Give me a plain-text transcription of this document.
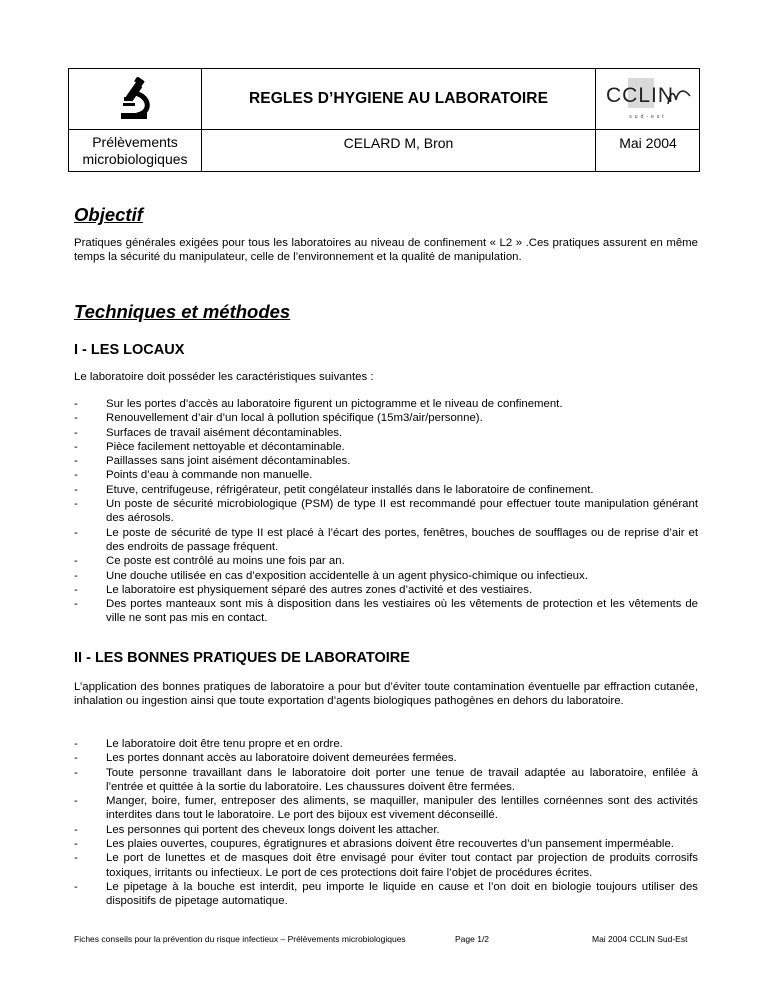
REGLES D’HYGIENE AU LABORATOIRE	CCLIN
sud-est
Prélèvements
microbiologiques
CELARD M, Bron	Mai 2004
Objectif
Pratiques générales exigées pour tous les laboratoires au niveau de confinement « L2 » .Ces pratiques assurent en même temps la sécurité du manipulateur, celle de l’environnement et la qualité de manipulation.
Techniques et méthodes
I - LES LOCAUX
Le laboratoire doit posséder les caractéristiques suivantes :
- Sur les portes d’accès au laboratoire figurent un pictogramme et le niveau de confinement.
- Renouvellement d’air d’un local à pollution spécifique (15m3/air/personne).
- Surfaces de travail aisément décontaminables.
- Pièce facilement nettoyable et décontaminable.
- Paillasses sans joint aisément décontaminables.
- Points d’eau à commande non manuelle.
- Etuve, centrifugeuse, réfrigérateur, petit congélateur installés dans le laboratoire de confinement.
- Un poste de sécurité microbiologique (PSM) de type II est recommandé pour effectuer toute manipulation générant des aérosols.
- Le poste de sécurité de type II est placé à l’écart des portes, fenêtres, bouches de soufflages ou de reprise d’air et des endroits de passage fréquent.
- Ce poste est contrôlé au moins une fois par an.
- Une douche utilisée en cas d’exposition accidentelle à un agent physico-chimique ou infectieux.
- Le laboratoire est physiquement séparé des autres zones d’activité et des vestiaires.
- Des portes manteaux sont mis à disposition dans les vestiaires où les vêtements de protection et les vêtements de ville ne sont pas mis en contact.
II - LES BONNES PRATIQUES DE LABORATOIRE
L’application des bonnes pratiques de laboratoire a pour but d’éviter toute contamination éventuelle par effraction cutanée, inhalation ou ingestion ainsi que toute exportation d’agents biologiques pathogènes en dehors du laboratoire.
- Le laboratoire doit être tenu propre et en ordre.
- Les portes donnant accès au laboratoire doivent demeurées fermées.
- Toute personne travaillant dans le laboratoire doit porter une tenue de travail adaptée au laboratoire, enfilée à l’entrée et quittée à la sortie du laboratoire. Les chaussures doivent être fermées.
- Manger, boire, fumer, entreposer des aliments, se maquiller, manipuler des lentilles cornéennes sont des activités interdites dans tout le laboratoire. Le port des bijoux est vivement déconseillé.
- Les personnes qui portent des cheveux longs doivent les attacher.
- Les plaies ouvertes, coupures, égratignures et abrasions doivent être recouvertes d’un pansement imperméable.
- Le port de lunettes et de masques doit être envisagé pour éviter tout contact par projection de produits corrosifs toxiques, irritants ou infectieux. Le port de ces protections doit faire l’objet de procédures écrites.
- Le pipetage à la bouche est interdit, peu importe le liquide en cause et l’on doit en biologie toujours utiliser des dispositifs de pipetage automatique.
Fiches conseils pour la prévention du risque infectieux – Prélèvements microbiologiques	Page 1/2	Mai 2004 CCLIN Sud-Est
